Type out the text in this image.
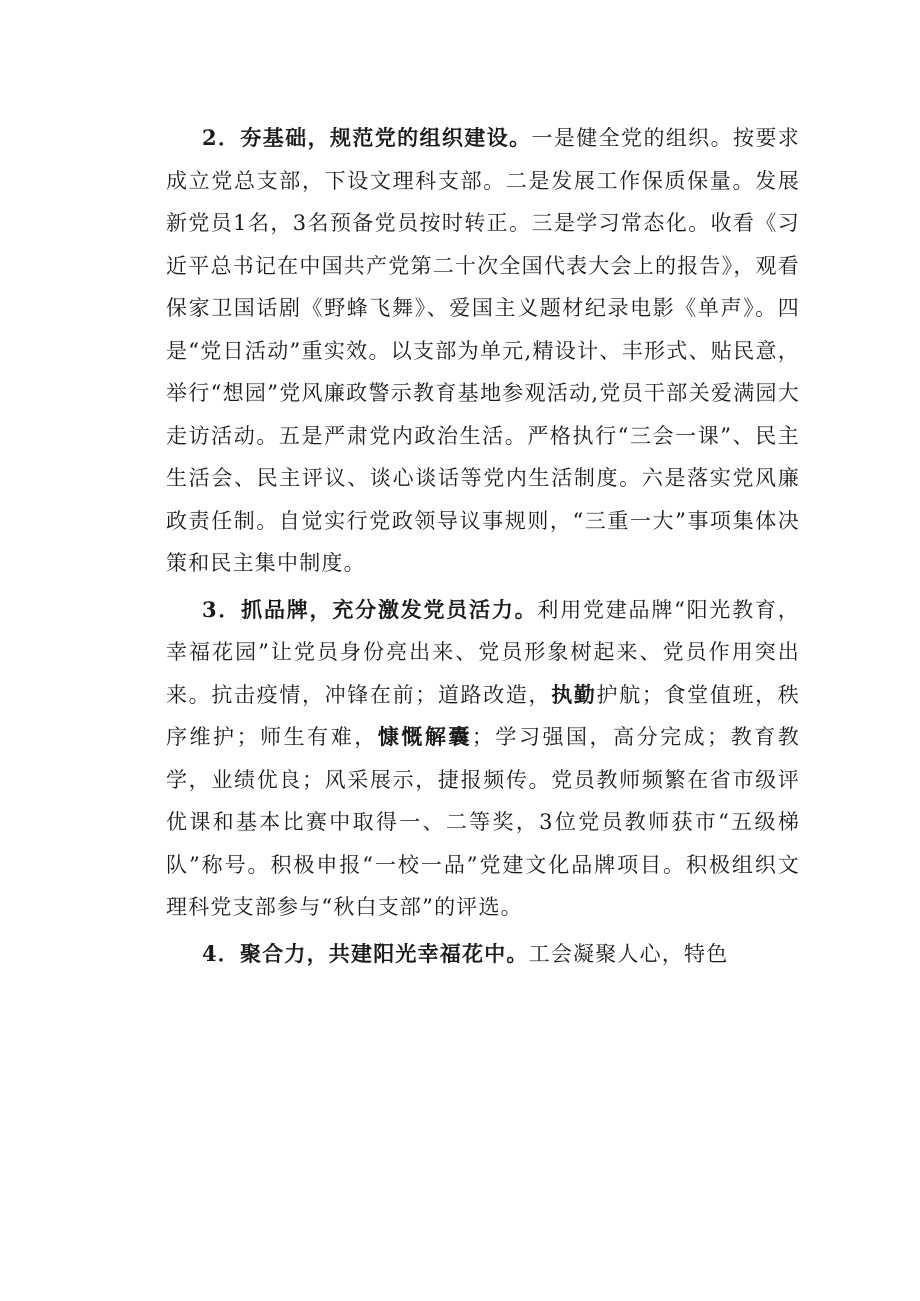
2．夯基础，规范党的组织建设。一是健全党的组织。按要求成立党总支部，下设文理科支部。二是发展工作保质保量。发展新党员1名，3名预备党员按时转正。三是学习常态化。收看《习近平总书记在中国共产党第二十次全国代表大会上的报告》，观看保家卫国话剧《野蜂飞舞》、爱国主义题材纪录电影《单声》。四是“党日活动”重实效。以支部为单元,精设计、丰形式、贴民意，举行“想园”党风廉政警示教育基地参观活动,党员干部关爱满园大走访活动。五是严肃党内政治生活。严格执行“三会一课”、民主生活会、民主评议、谈心谈话等党内生活制度。六是落实党风廉政责任制。自觉实行党政领导议事规则，“三重一大”事项集体决策和民主集中制度。

3．抓品牌，充分激发党员活力。利用党建品牌“阳光教育，幸福花园”让党员身份亮出来、党员形象树起来、党员作用突出来。抗击疫情，冲锋在前；道路改造，执勤护航；食堂值班，秩序维护；师生有难，慷慨解囊；学习强国，高分完成；教育教学，业绩优良；风采展示，捷报频传。党员教师频繁在省市级评优课和基本比赛中取得一、二等奖，3位党员教师获市“五级梯队”称号。积极申报“一校一品”党建文化品牌项目。积极组织文理科党支部参与“秋白支部”的评选。

4．聚合力，共建阳光幸福花中。工会凝聚人心，特色
